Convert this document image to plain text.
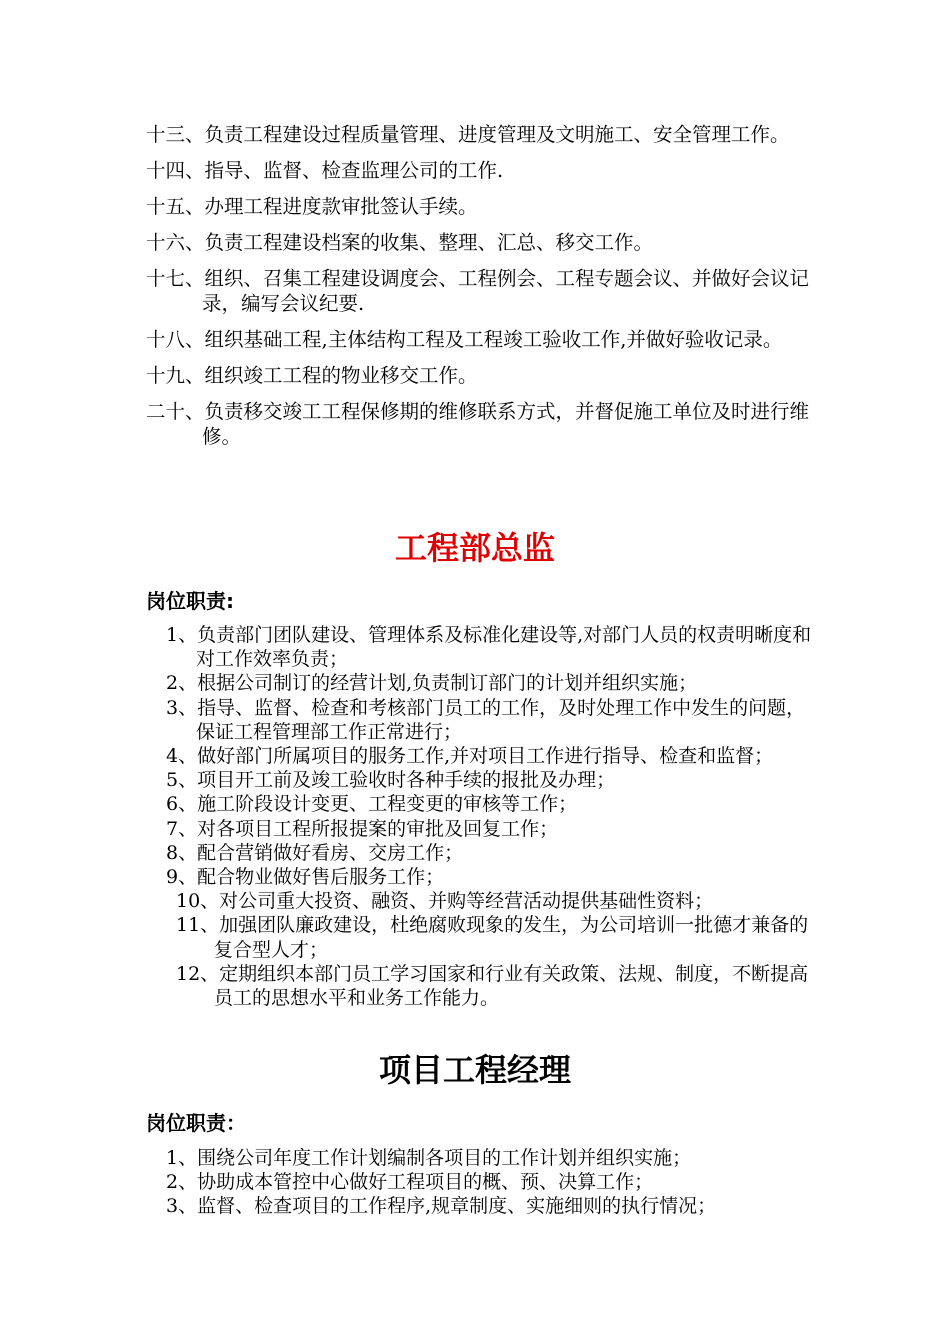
十三、负责工程建设过程质量管理、进度管理及文明施工、安全管理工作。
十四、指导、监督、检查监理公司的工作.
十五、办理工程进度款审批签认手续。
十六、负责工程建设档案的收集、整理、汇总、移交工作。
十七、组织、召集工程建设调度会、工程例会、工程专题会议、并做好会议记录，编写会议纪要.
十八、组织基础工程,主体结构工程及工程竣工验收工作,并做好验收记录。
十九、组织竣工工程的物业移交工作。
二十、负责移交竣工工程保修期的维修联系方式，并督促施工单位及时进行维修。
工程部总监
岗位职责:
1、负责部门团队建设、管理体系及标准化建设等,对部门人员的权责明晰度和对工作效率负责；
2、根据公司制订的经营计划,负责制订部门的计划并组织实施；
3、指导、监督、检查和考核部门员工的工作，及时处理工作中发生的问题，保证工程管理部工作正常进行；
4、做好部门所属项目的服务工作,并对项目工作进行指导、检查和监督；
5、项目开工前及竣工验收时各种手续的报批及办理；
6、施工阶段设计变更、工程变更的审核等工作；
7、对各项目工程所报提案的审批及回复工作；
8、配合营销做好看房、交房工作；
9、配合物业做好售后服务工作；
10、对公司重大投资、融资、并购等经营活动提供基础性资料；
11、加强团队廉政建设，杜绝腐败现象的发生，为公司培训一批德才兼备的复合型人才；
12、定期组织本部门员工学习国家和行业有关政策、法规、制度，不断提高员工的思想水平和业务工作能力。
项目工程经理
岗位职责：
1、围绕公司年度工作计划编制各项目的工作计划并组织实施；
2、协助成本管控中心做好工程项目的概、预、决算工作；
3、监督、检查项目的工作程序,规章制度、实施细则的执行情况；
